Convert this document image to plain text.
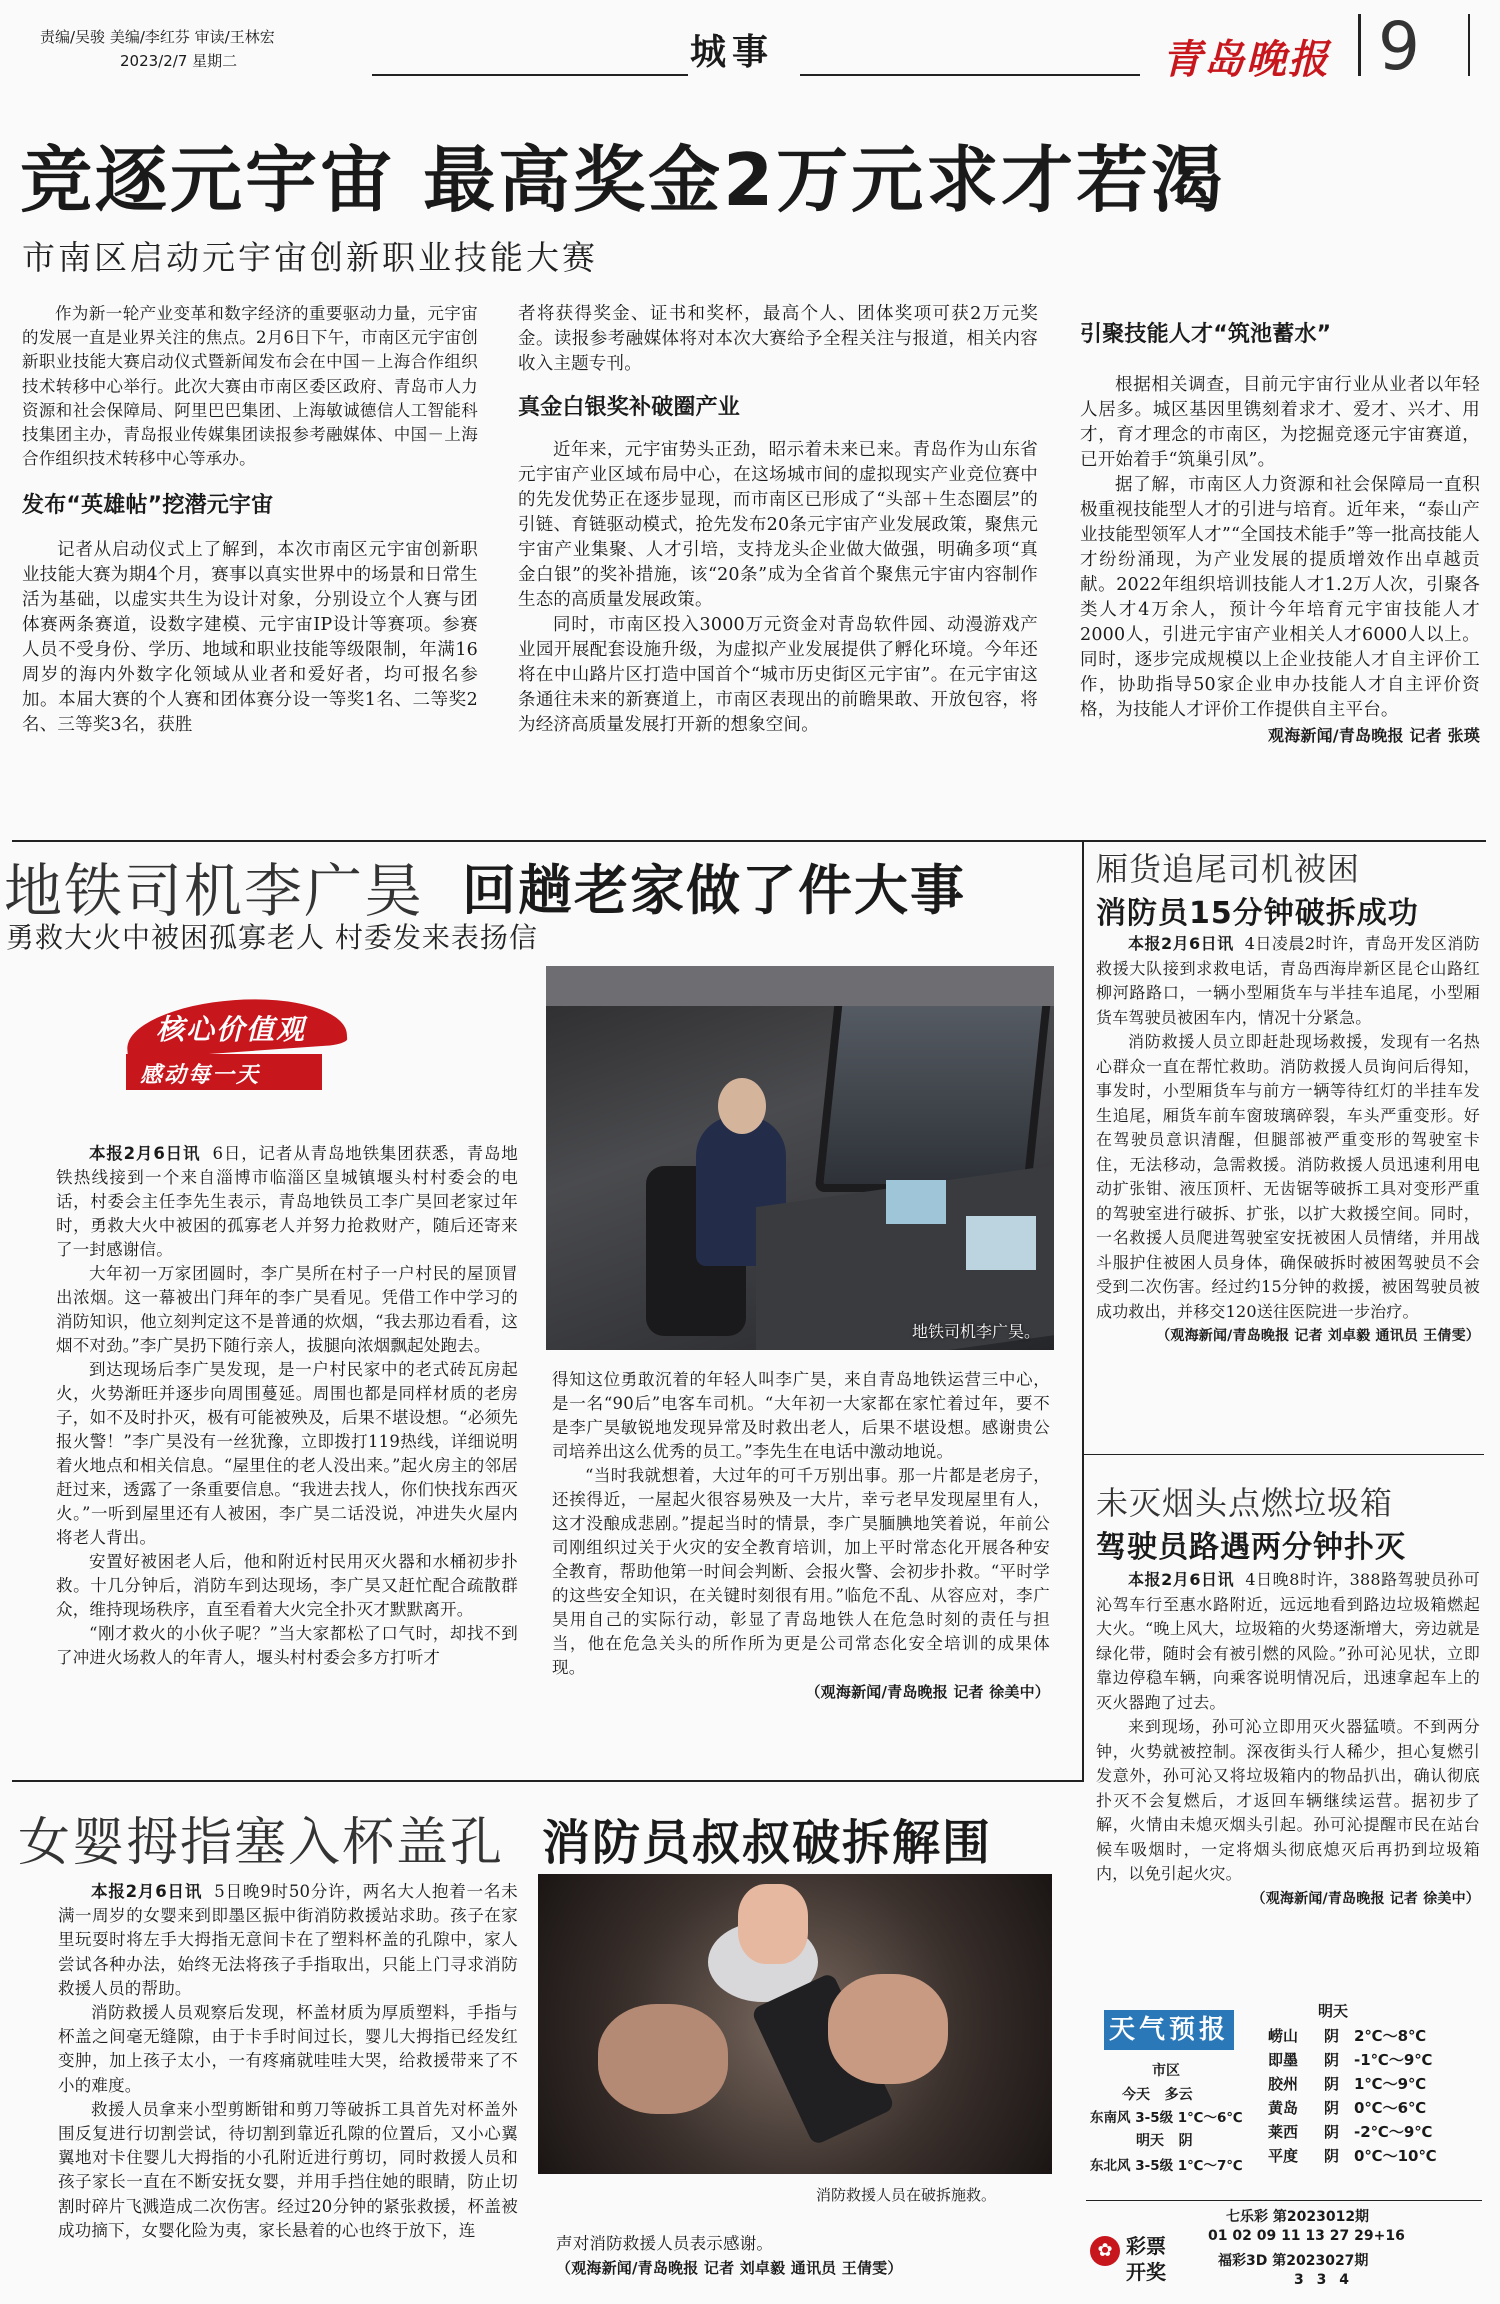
责编/吴骏 美编/李红芬 审读/王林宏
2023/2/7 星期二	城事	青岛晚报 9
竞逐元宇宙 最高奖金2万元求才若渴
市南区启动元宇宙创新职业技能大赛

作为新一轮产业变革和数字经济的重要驱动力量，元宇宙的发展一直是业界关注的焦点。2月6日下午，市南区元宇宙创新职业技能大赛启动仪式暨新闻发布会在中国－上海合作组织技术转移中心举行。此次大赛由市南区委区政府、青岛市人力资源和社会保障局、阿里巴巴集团、上海敏诚德信人工智能科技集团主办，青岛报业传媒集团读报参考融媒体、中国－上海合作组织技术转移中心等承办。

发布“英雄帖”挖潜元宇宙

记者从启动仪式上了解到，本次市南区元宇宙创新职业技能大赛为期4个月，赛事以真实世界中的场景和日常生活为基础，以虚实共生为设计对象，分别设立个人赛与团体赛两条赛道，设数字建模、元宇宙IP设计等赛项。参赛人员不受身份、学历、地域和职业技能等级限制，年满16周岁的海内外数字化领域从业者和爱好者，均可报名参加。本届大赛的个人赛和团体赛分设一等奖1名、二等奖2名、三等奖3名，获胜

者将获得奖金、证书和奖杯，最高个人、团体奖项可获2万元奖金。读报参考融媒体将对本次大赛给予全程关注与报道，相关内容收入主题专刊。

真金白银奖补破圈产业

近年来，元宇宙势头正劲，昭示着未来已来。青岛作为山东省元宇宙产业区域布局中心，在这场城市间的虚拟现实产业竞位赛中的先发优势正在逐步显现，而市南区已形成了“头部＋生态圈层”的引链、育链驱动模式，抢先发布20条元宇宙产业发展政策，聚焦元宇宙产业集聚、人才引培，支持龙头企业做大做强，明确多项“真金白银”的奖补措施，该“20条”成为全省首个聚焦元宇宙内容制作生态的高质量发展政策。

同时，市南区投入3000万元资金对青岛软件园、动漫游戏产业园开展配套设施升级，为虚拟产业发展提供了孵化环境。今年还将在中山路片区打造中国首个“城市历史街区元宇宙”。在元宇宙这条通往未来的新赛道上，市南区表现出的前瞻果敢、开放包容，将为经济高质量发展打开新的想象空间。

引聚技能人才“筑池蓄水”

根据相关调查，目前元宇宙行业从业者以年轻人居多。城区基因里镌刻着求才、爱才、兴才、用才，育才理念的市南区，为挖掘竞逐元宇宙赛道，已开始着手“筑巢引凤”。

据了解，市南区人力资源和社会保障局一直积极重视技能型人才的引进与培育。近年来，“泰山产业技能型领军人才”“全国技术能手”等一批高技能人才纷纷涌现，为产业发展的提质增效作出卓越贡献。2022年组织培训技能人才1.2万人次，引聚各类人才4万余人，预计今年培育元宇宙技能人才2000人，引进元宇宙产业相关人才6000人以上。同时，逐步完成规模以上企业技能人才自主评价工作，协助指导50家企业申办技能人才自主评价资格，为技能人才评价工作提供自主平台。

观海新闻/青岛晚报 记者 张瑛

地铁司机李广昊 回趟老家做了件大事
勇救大火中被困孤寡老人 村委发来表扬信
核心价值观
感动每一天

本报2月6日讯 6日，记者从青岛地铁集团获悉，青岛地铁热线接到一个来自淄博市临淄区皇城镇堰头村村委会的电话，村委会主任李先生表示，青岛地铁员工李广昊回老家过年时，勇救大火中被困的孤寡老人并努力抢救财产，随后还寄来了一封感谢信。

大年初一万家团圆时，李广昊所在村子一户村民的屋顶冒出浓烟。这一幕被出门拜年的李广昊看见。凭借工作中学习的消防知识，他立刻判定这不是普通的炊烟，“我去那边看看，这烟不对劲。”李广昊扔下随行亲人，拔腿向浓烟飘起处跑去。

到达现场后李广昊发现，是一户村民家中的老式砖瓦房起火，火势渐旺并逐步向周围蔓延。周围也都是同样材质的老房子，如不及时扑灭，极有可能被殃及，后果不堪设想。“必须先报火警！”李广昊没有一丝犹豫，立即拨打119热线，详细说明着火地点和相关信息。“屋里住的老人没出来。”起火房主的邻居赶过来，透露了一条重要信息。“我进去找人，你们快找东西灭火。”一听到屋里还有人被困，李广昊二话没说，冲进失火屋内将老人背出。

安置好被困老人后，他和附近村民用灭火器和水桶初步扑救。十几分钟后，消防车到达现场，李广昊又赶忙配合疏散群众，维持现场秩序，直至看着大火完全扑灭才默默离开。

“刚才救火的小伙子呢？”当大家都松了口气时，却找不到了冲进火场救人的年青人，堰头村村委会多方打听才

地铁司机李广昊。

得知这位勇敢沉着的年轻人叫李广昊，来自青岛地铁运营三中心，是一名“90后”电客车司机。“大年初一大家都在家忙着过年，要不是李广昊敏锐地发现异常及时救出老人，后果不堪设想。感谢贵公司培养出这么优秀的员工。”李先生在电话中激动地说。

“当时我就想着，大过年的可千万别出事。那一片都是老房子，还挨得近，一屋起火很容易殃及一大片，幸亏老早发现屋里有人，这才没酿成悲剧。”提起当时的情景，李广昊腼腆地笑着说，年前公司刚组织过关于火灾的安全教育培训，加上平时常态化开展各种安全教育，帮助他第一时间会判断、会报火警、会初步扑救。“平时学的这些安全知识，在关键时刻很有用。”临危不乱、从容应对，李广昊用自己的实际行动，彰显了青岛地铁人在危急时刻的责任与担当，他在危急关头的所作所为更是公司常态化安全培训的成果体现。

（观海新闻/青岛晚报 记者 徐美中）

厢货追尾司机被困
消防员15分钟破拆成功

本报2月6日讯 4日凌晨2时许，青岛开发区消防救援大队接到求救电话，青岛西海岸新区昆仑山路红柳河路路口，一辆小型厢货车与半挂车追尾，小型厢货车驾驶员被困车内，情况十分紧急。

消防救援人员立即赶赴现场救援，发现有一名热心群众一直在帮忙救助。消防救援人员询问后得知，事发时，小型厢货车与前方一辆等待红灯的半挂车发生追尾，厢货车前车窗玻璃碎裂，车头严重变形。好在驾驶员意识清醒，但腿部被严重变形的驾驶室卡住，无法移动，急需救援。消防救援人员迅速利用电动扩张钳、液压顶杆、无齿锯等破拆工具对变形严重的驾驶室进行破拆、扩张，以扩大救援空间。同时，一名救援人员爬进驾驶室安抚被困人员情绪，并用战斗服护住被困人员身体，确保破拆时被困驾驶员不会受到二次伤害。经过约15分钟的救援，被困驾驶员被成功救出，并移交120送往医院进一步治疗。

（观海新闻/青岛晚报 记者 刘卓毅 通讯员 王倩雯）

未灭烟头点燃垃圾箱
驾驶员路遇两分钟扑灭

本报2月6日讯 4日晚8时许，388路驾驶员孙可沁驾车行至惠水路附近，远远地看到路边垃圾箱燃起大火。“晚上风大，垃圾箱的火势逐渐增大，旁边就是绿化带，随时会有被引燃的风险。”孙可沁见状，立即靠边停稳车辆，向乘客说明情况后，迅速拿起车上的灭火器跑了过去。

来到现场，孙可沁立即用灭火器猛喷。不到两分钟，火势就被控制。深夜街头行人稀少，担心复燃引发意外，孙可沁又将垃圾箱内的物品扒出，确认彻底扑灭不会复燃后，才返回车辆继续运营。据初步了解，火情由未熄灭烟头引起。孙可沁提醒市民在站台候车吸烟时，一定将烟头彻底熄灭后再扔到垃圾箱内，以免引起火灾。

（观海新闻/青岛晚报 记者 徐美中）

女婴拇指塞入杯盖孔 消防员叔叔破拆解围

本报2月6日讯 5日晚9时50分许，两名大人抱着一名未满一周岁的女婴来到即墨区振中街消防救援站求助。孩子在家里玩耍时将左手大拇指无意间卡在了塑料杯盖的孔隙中，家人尝试各种办法，始终无法将孩子手指取出，只能上门寻求消防救援人员的帮助。

消防救援人员观察后发现，杯盖材质为厚质塑料，手指与杯盖之间毫无缝隙，由于卡手时间过长，婴儿大拇指已经发红变肿，加上孩子太小，一有疼痛就哇哇大哭，给救援带来了不小的难度。

救援人员拿来小型剪断钳和剪刀等破拆工具首先对杯盖外围反复进行切割尝试，待切割到靠近孔隙的位置后，又小心翼翼地对卡住婴儿大拇指的小孔附近进行剪切，同时救援人员和孩子家长一直在不断安抚女婴，并用手挡住她的眼睛，防止切割时碎片飞溅造成二次伤害。经过20分钟的紧张救援，杯盖被成功摘下，女婴化险为夷，家长悬着的心也终于放下，连

消防救援人员在破拆施救。

声对消防救援人员表示感谢。

（观海新闻/青岛晚报 记者 刘卓毅 通讯员 王倩雯）

天气预报
市区
今天 多云
东南风 3-5级 1℃～6℃
明天 阴
东北风 3-5级 1℃～7℃
明天
崂山	阴 2℃～8℃
即墨	阴 -1℃～9℃
胶州	阴 1℃～9℃
黄岛	阴 0℃～6℃
莱西	阴 -2℃～9℃
平度	阴 0℃～10℃
✿ 彩票
开奖
七乐彩 第2023012期
01 02 09 11 13 27 29+16
福彩3D 第2023027期
3 3 4
